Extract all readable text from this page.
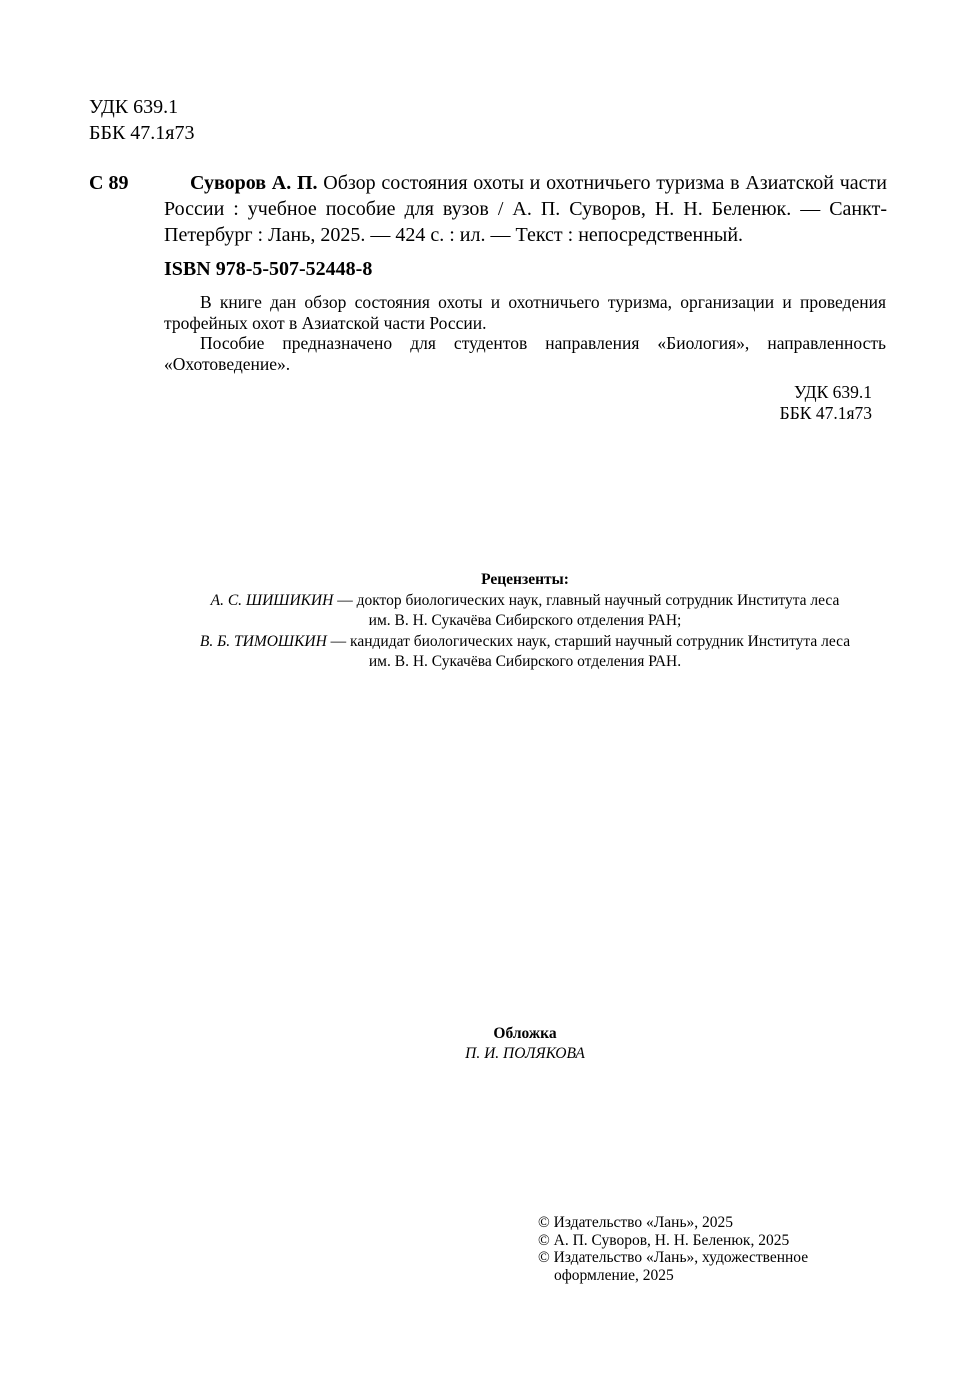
УДК 639.1
ББК 47.1я73
С 89	Суворов А. П. Обзор состояния охоты и охотничьего туризма в Азиатской части России : учебное пособие для вузов / А. П. Суворов, Н. Н. Беленюк. — Санкт-Петербург : Лань, 2025. — 424 с. : ил. — Текст : непосредственный.
ISBN 978-5-507-52448-8

В книге дан обзор состояния охоты и охотничьего туризма, организации и проведения трофейных охот в Азиатской части России.

Пособие предназначено для студентов направления «Биология», направленность «Охотоведение».

УДК 639.1
ББК 47.1я73
Рецензенты:
А. С. ШИШИКИН — доктор биологических наук, главный научный сотрудник Института леса
им. В. Н. Сукачёва Сибирского отделения РАН;
В. Б. ТИМОШКИН — кандидат биологических наук, старший научный сотрудник Института леса
им. В. Н. Сукачёва Сибирского отделения РАН.
Обложка
П. И. ПОЛЯКОВА
© Издательство «Лань», 2025
© А. П. Суворов, Н. Н. Беленюк, 2025
© Издательство «Лань», художественное
оформление, 2025
